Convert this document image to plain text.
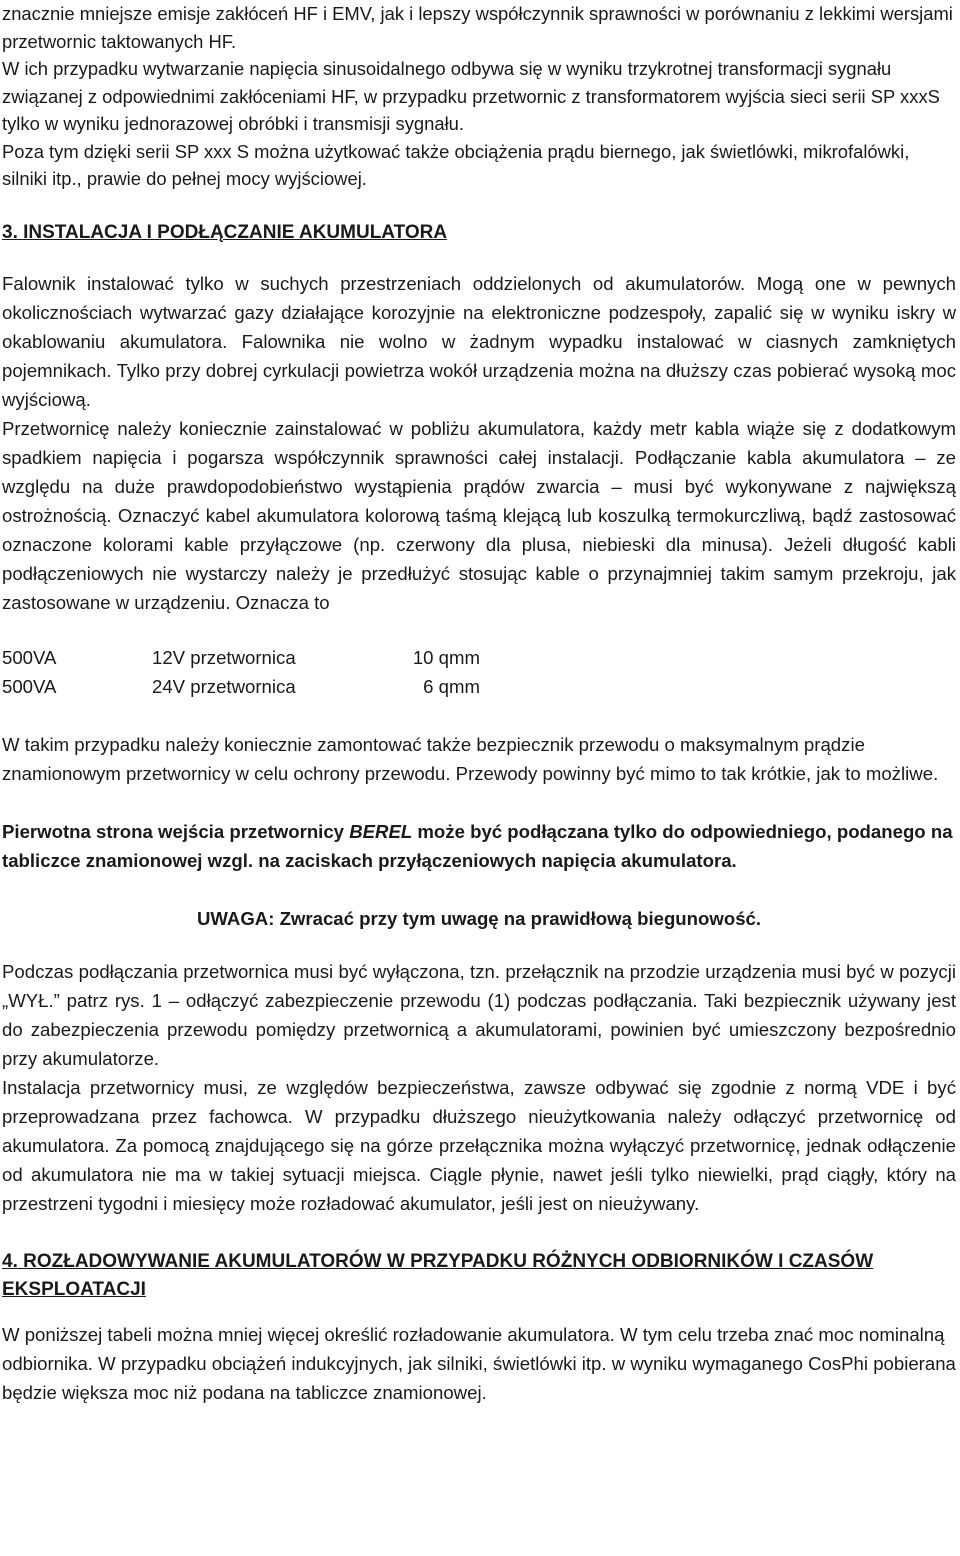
znacznie mniejsze emisje zakłóceń HF i EMV, jak i lepszy współczynnik sprawności w porównaniu z lekkimi wersjami przetwornic taktowanych HF.

W ich przypadku wytwarzanie napięcia sinusoidalnego odbywa się w wyniku trzykrotnej transformacji sygnału związanej z odpowiednimi zakłóceniami HF, w przypadku przetwornic z transformatorem wyjścia sieci serii SP xxxS tylko w wyniku jednorazowej obróbki i transmisji sygnału.

Poza tym dzięki serii SP xxx S można użytkować także obciążenia prądu biernego, jak świetlówki, mikrofalówki, silniki itp., prawie do pełnej mocy wyjściowej.

3. INSTALACJA I PODŁĄCZANIE AKUMULATORA

Falownik instalować tylko w suchych przestrzeniach oddzielonych od akumulatorów. Mogą one w pewnych okolicznościach wytwarzać gazy działające korozyjnie na elektroniczne podzespoły, zapalić się w wyniku iskry w okablowaniu akumulatora. Falownika nie wolno w żadnym wypadku instalować w ciasnych zamkniętych pojemnikach. Tylko przy dobrej cyrkulacji powietrza wokół urządzenia można na dłuższy czas pobierać wysoką moc wyjściową.

Przetwornicę należy koniecznie zainstalować w pobliżu akumulatora, każdy metr kabla wiąże się z dodatkowym spadkiem napięcia i pogarsza współczynnik sprawności całej instalacji. Podłączanie kabla akumulatora – ze względu na duże prawdopodobieństwo wystąpienia prądów zwarcia – musi być wykonywane z największą ostrożnością. Oznaczyć kabel akumulatora kolorową taśmą klejącą lub koszulką termokurczliwą, bądź zastosować oznaczone kolorami kable przyłączowe (np. czerwony dla plusa, niebieski dla minusa). Jeżeli długość kabli podłączeniowych nie wystarczy należy je przedłużyć stosując kable o przynajmniej takim samym przekroju, jak zastosowane w urządzeniu. Oznacza to

500VA	12V przetwornica	10 qmm
500VA	24V przetwornica	6 qmm

W takim przypadku należy koniecznie zamontować także bezpiecznik przewodu o maksymalnym prądzie znamionowym przetwornicy w celu ochrony przewodu. Przewody powinny być mimo to tak krótkie, jak to możliwe.

Pierwotna strona wejścia przetwornicy BEREL może być podłączana tylko do odpowiedniego, podanego na tabliczce znamionowej wzgl. na zaciskach przyłączeniowych napięcia akumulatora.

UWAGA: Zwracać przy tym uwagę na prawidłową biegunowość.

Podczas podłączania przetwornica musi być wyłączona, tzn. przełącznik na przodzie urządzenia musi być w pozycji „WYŁ.” patrz rys. 1 – odłączyć zabezpieczenie przewodu (1) podczas podłączania. Taki bezpiecznik używany jest do zabezpieczenia przewodu pomiędzy przetwornicą a akumulatorami, powinien być umieszczony bezpośrednio przy akumulatorze.

Instalacja przetwornicy musi, ze względów bezpieczeństwa, zawsze odbywać się zgodnie z normą VDE i być przeprowadzana przez fachowca. W przypadku dłuższego nieużytkowania należy odłączyć przetwornicę od akumulatora. Za pomocą znajdującego się na górze przełącznika można wyłączyć przetwornicę, jednak odłączenie od akumulatora nie ma w takiej sytuacji miejsca. Ciągle płynie, nawet jeśli tylko niewielki, prąd ciągły, który na przestrzeni tygodni i miesięcy może rozładować akumulator, jeśli jest on nieużywany.

4. ROZŁADOWYWANIE AKUMULATORÓW W PRZYPADKU RÓŻNYCH ODBIORNIKÓW I CZASÓW EKSPLOATACJI

W poniższej tabeli można mniej więcej określić rozładowanie akumulatora. W tym celu trzeba znać moc nominalną odbiornika. W przypadku obciążeń indukcyjnych, jak silniki, świetlówki itp. w wyniku wymaganego CosPhi pobierana będzie większa moc niż podana na tabliczce znamionowej.
